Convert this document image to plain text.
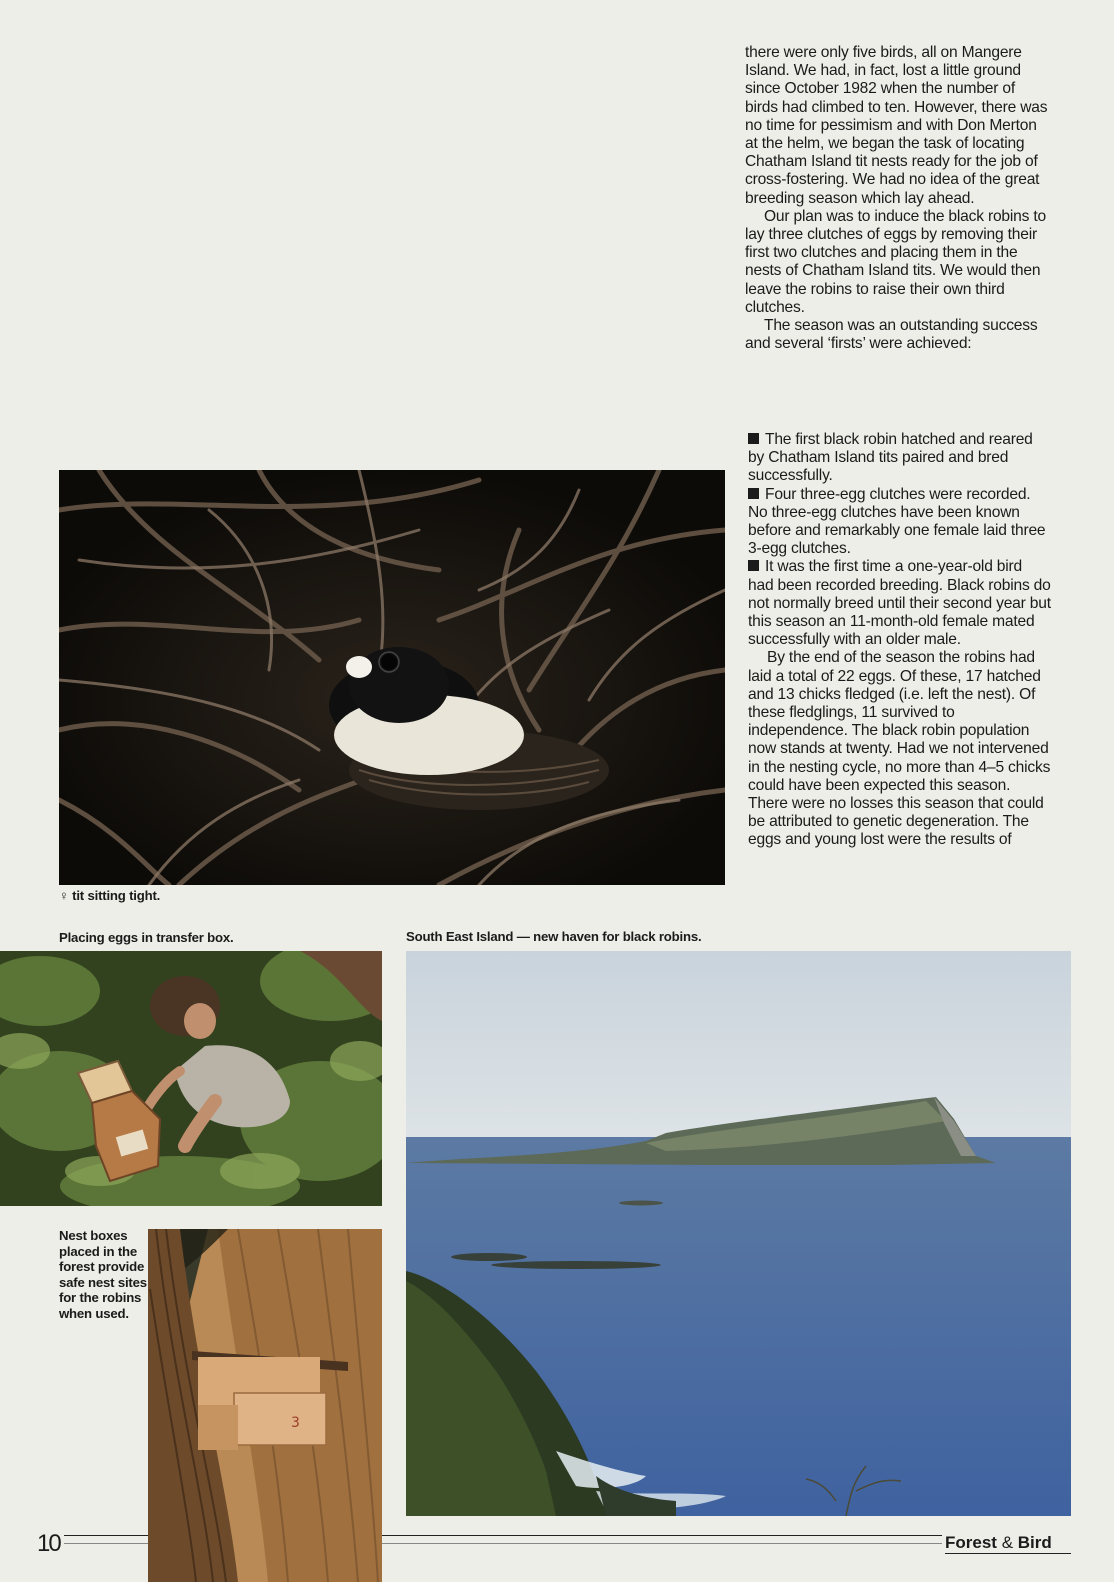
there were only five birds, all on Mangere Island. We had, in fact, lost a little ground since October 1982 when the number of birds had climbed to ten. However, there was no time for pessimism and with Don Merton at the helm, we began the task of locating Chatham Island tit nests ready for the job of cross-fostering. We had no idea of the great breeding season which lay ahead.

Our plan was to induce the black robins to lay three clutches of eggs by removing their first two clutches and placing them in the nests of Chatham Island tits. We would then leave the robins to raise their own third clutches.

The season was an outstanding success and several ‘firsts’ were achieved:

The first black robin hatched and reared by Chatham Island tits paired and bred successfully.
Four three-egg clutches were recorded. No three-egg clutches have been known before and remarkably one female laid three 3-egg clutches.
It was the first time a one-year-old bird had been recorded breeding. Black robins do not normally breed until their second year but this season an 11-month-old female mated successfully with an older male.

By the end of the season the robins had laid a total of 22 eggs. Of these, 17 hatched and 13 chicks fledged (i.e. left the nest). Of these fledglings, 11 survived to independence. The black robin population now stands at twenty. Had we not intervened in the nesting cycle, no more than 4–5 chicks could have been expected this season. There were no losses this season that could be attributed to genetic degeneration. The eggs and young lost were the results of

♀ tit sitting tight.
Placing eggs in transfer box.	South East Island — new haven for black robins.
Nest boxes placed in the forest provide safe nest sites for the robins when used.
3
10	Forest & Bird
